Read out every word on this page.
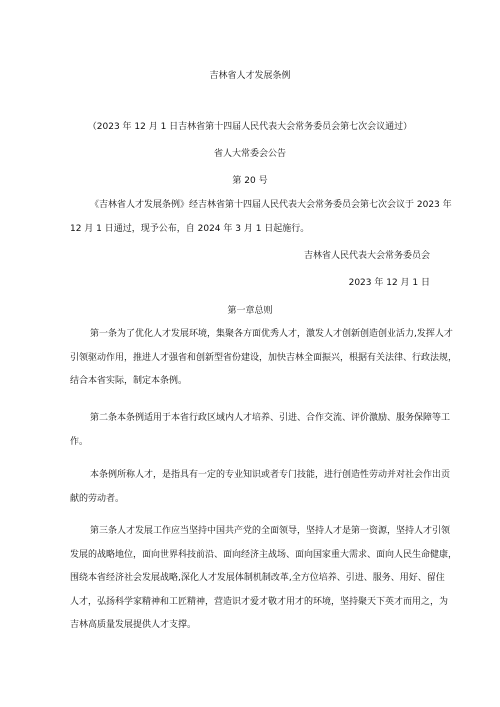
吉林省人才发展条例
（2023 年 12 月 1 日吉林省第十四届人民代表大会常务委员会第七次会议通过）
省人大常委会公告
第 20 号
《吉林省人才发展条例》经吉林省第十四届人民代表大会常务委员会第七次会议于 2023 年
12 月 1 日通过，现予公布，自 2024 年 3 月 1 日起施行。
吉林省人民代表大会常务委员会
2023 年 12 月 1 日
第一章总则
第一条为了优化人才发展环境，集聚各方面优秀人才，激发人才创新创造创业活力,发挥人才
引领驱动作用，推进人才强省和创新型省份建设，加快吉林全面振兴，根据有关法律、行政法规，
结合本省实际，制定本条例。
第二条本条例适用于本省行政区域内人才培养、引进、合作交流、评价激励、服务保障等工
作。
本条例所称人才，是指具有一定的专业知识或者专门技能，进行创造性劳动并对社会作出贡
献的劳动者。
第三条人才发展工作应当坚持中国共产党的全面领导，坚持人才是第一资源，坚持人才引领
发展的战略地位，面向世界科技前沿、面向经济主战场、面向国家重大需求、面向人民生命健康，
围绕本省经济社会发展战略,深化人才发展体制机制改革,全方位培养、引进、服务、用好、留住
人才，弘扬科学家精神和工匠精神，营造识才爱才敬才用才的环境，坚持聚天下英才而用之，为
吉林高质量发展提供人才支撑。
